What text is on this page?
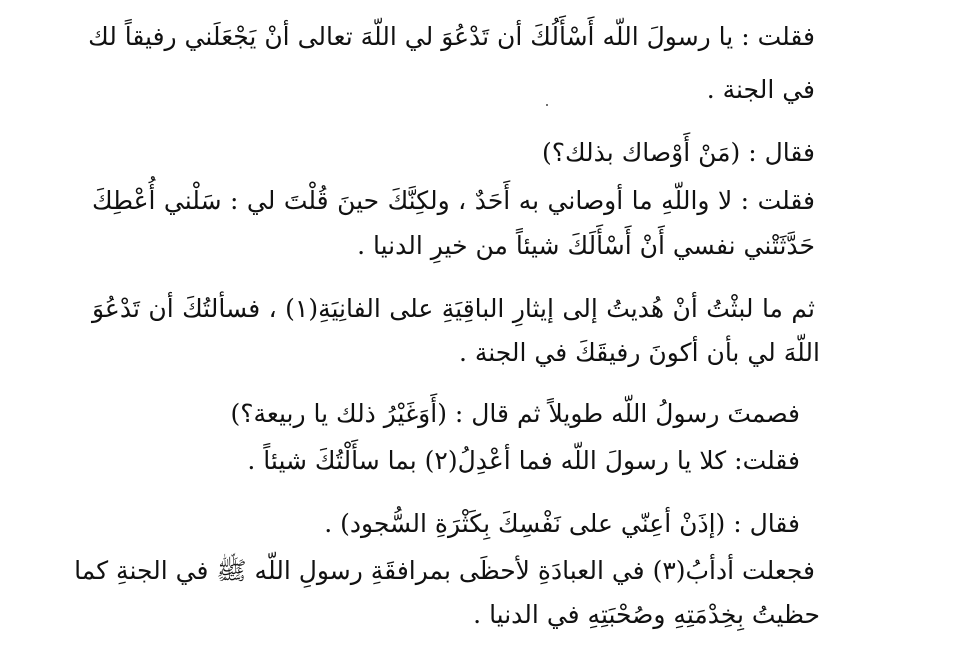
فقلت : يا رسولَ اللّه أَسْأَلُكَ أن تَدْعُوَ لي اللّهَ تعالى أنْ يَجْعَلَني رفيقاً لك
في الجنة .
فقال : (مَنْ أَوْصاك بذلك؟)
فقلت : لا واللّهِ ما أوصاني به أَحَدٌ ، ولكِنَّكَ حينَ قُلْتَ لي : سَلْني أُعْطِكَ
حَدَّثَتْني نفسي أَنْ أَسْأَلَكَ شيئاً من خيرِ الدنيا .
ثم ما لبثْتُ أنْ هُديتُ إلى إيثارِ الباقِيَةِ على الفانِيَةِ(١) ، فسألتُكَ أن تَدْعُوَ
اللّهَ لي بأن أكونَ رفيقَكَ في الجنة .
فصمتَ رسولُ اللّه طويلاً ثم قال : (أَوَغَيْرُ ذلك يا ربيعة؟)
فقلت: كلا يا رسولَ اللّه فما أعْدِلُ(٢) بما سأَلْتُكَ شيئاً .
فقال : (إذَنْ أعِنّي على نَفْسِكَ بِكَثْرَةِ السُّجود) .
فجعلت أدأبُ(٣) في العبادَةِ لأحظَى بمرافقَةِ رسولِ اللّه ﷺ في الجنةِ كما
حظيتُ بِخِدْمَتِهِ وصُحْبَتِهِ في الدنيا .
